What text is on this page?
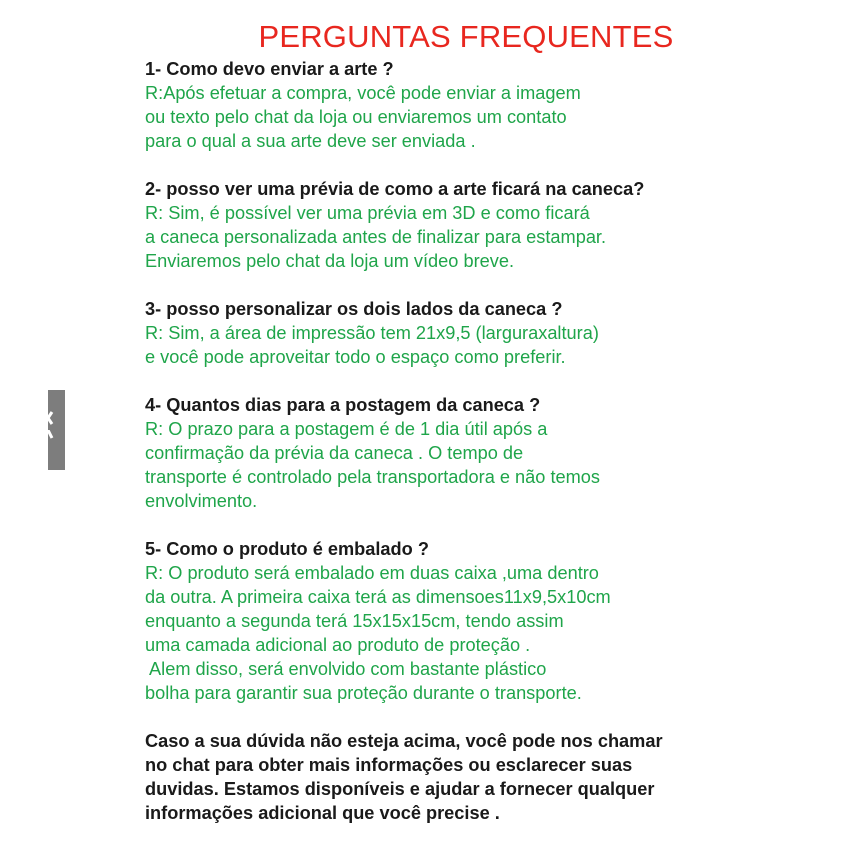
PERGUNTAS FREQUENTES

1- Como devo enviar a arte ?

R:Após efetuar a compra, você pode enviar a imagem

ou texto pelo chat da loja ou enviaremos um contato

para o qual a sua arte deve ser enviada .

2- posso ver uma prévia de como a arte ficará na caneca?

R: Sim, é possível ver uma prévia em 3D e como ficará

a caneca personalizada antes de finalizar para estampar.

Enviaremos pelo chat da loja um vídeo breve.

3- posso personalizar os dois lados da caneca ?

R: Sim, a área de impressão tem 21x9,5 (larguraxaltura)

e você pode aproveitar todo o espaço como preferir.

4- Quantos dias para a postagem da caneca ?

R: O prazo para a postagem é de 1 dia útil após a

confirmação da prévia da caneca . O tempo de

transporte é controlado pela transportadora e não temos

envolvimento.

5- Como o produto é embalado ?

R: O produto será embalado em duas caixa ,uma dentro

da outra. A primeira caixa terá as dimensoes11x9,5x10cm

enquanto a segunda terá 15x15x15cm, tendo assim

uma camada adicional ao produto de proteção .

Alem disso, será envolvido com bastante plástico

bolha para garantir sua proteção durante o transporte.

Caso a sua dúvida não esteja acima, você pode nos chamar

no chat para obter mais informações ou esclarecer suas

duvidas. Estamos disponíveis e ajudar a fornecer qualquer

informações adicional que você precise .
